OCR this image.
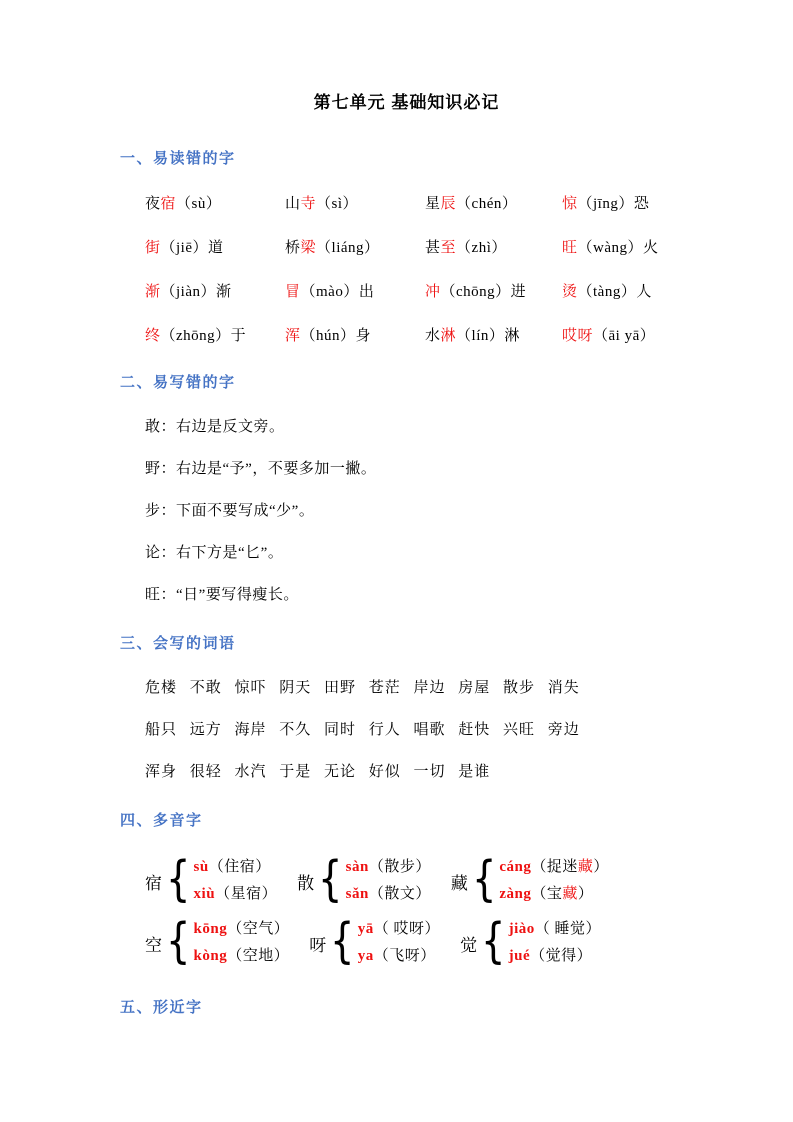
第七单元 基础知识必记
一、易读错的字
夜宿（sù）	山寺（sì）	星辰（chén）	惊（jīng）恐
街（jiē）道	桥梁（liáng）	甚至（zhì）	旺（wàng）火
渐（jiàn）渐	冒（mào）出	冲（chōng）进	烫（tàng）人
终（zhōng）于	浑（hún）身	水淋（lín）淋	哎呀（āi yā）
二、易写错的字

敢：右边是反文旁。

野：右边是“予”，不要多加一撇。

步：下面不要写成“少”。

论：右下方是“匕”。

旺：“日”要写得瘦长。

三、会写的词语

危楼 不敢 惊吓 阴天 田野 苍茫 岸边 房屋 散步 消失

船只 远方 海岸 不久 同时 行人 唱歌 赶快 兴旺 旁边

浑身 很轻 水汽 于是 无论 好似 一切 是谁

四、多音字
宿 { sù（住宿）
xiù（星宿）
散 { sàn（散步）
sǎn（散文）
藏 { cáng（捉迷藏）
zàng（宝藏）
空 { kōng（空气）
kòng（空地）
呀 { yā（ 哎呀）
ya（飞呀）
觉 { jiào（ 睡觉）
jué（觉得）
五、形近字
